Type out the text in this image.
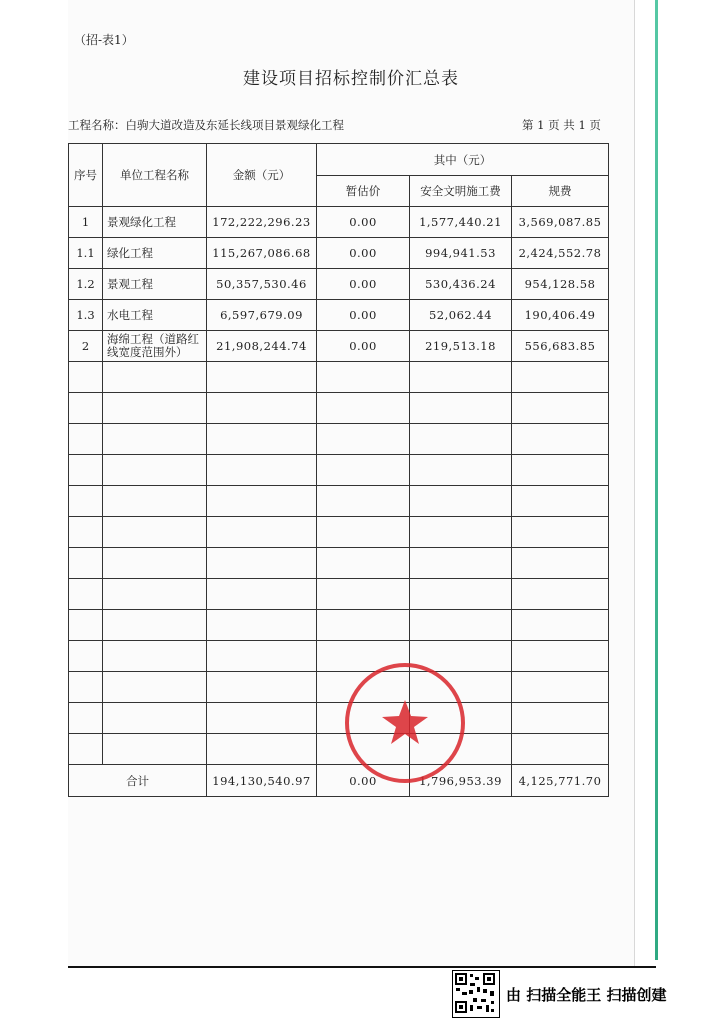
（招-表1）
建设项目招标控制价汇总表
工程名称：白驹大道改造及东延长线项目景观绿化工程	第 1 页 共 1 页
序号	单位工程名称	金额（元）	其中（元）		
			暂估价	安全文明施工费	规费
1	景观绿化工程	172,222,296.23	0.00	1,577,440.21	3,569,087.85
1.1	绿化工程	115,267,086.68	0.00	994,941.53	2,424,552.78
1.2	景观工程	50,357,530.46	0.00	530,436.24	954,128.58
1.3	水电工程	6,597,679.09	0.00	52,062.44	190,406.49
2	海绵工程（道路红线宽度范围外）	21,908,244.74	0.00	219,513.18	556,683.85

合计		194,130,540.97	0.00	1,796,953.39	4,125,771.70
由 扫描全能王 扫描创建
